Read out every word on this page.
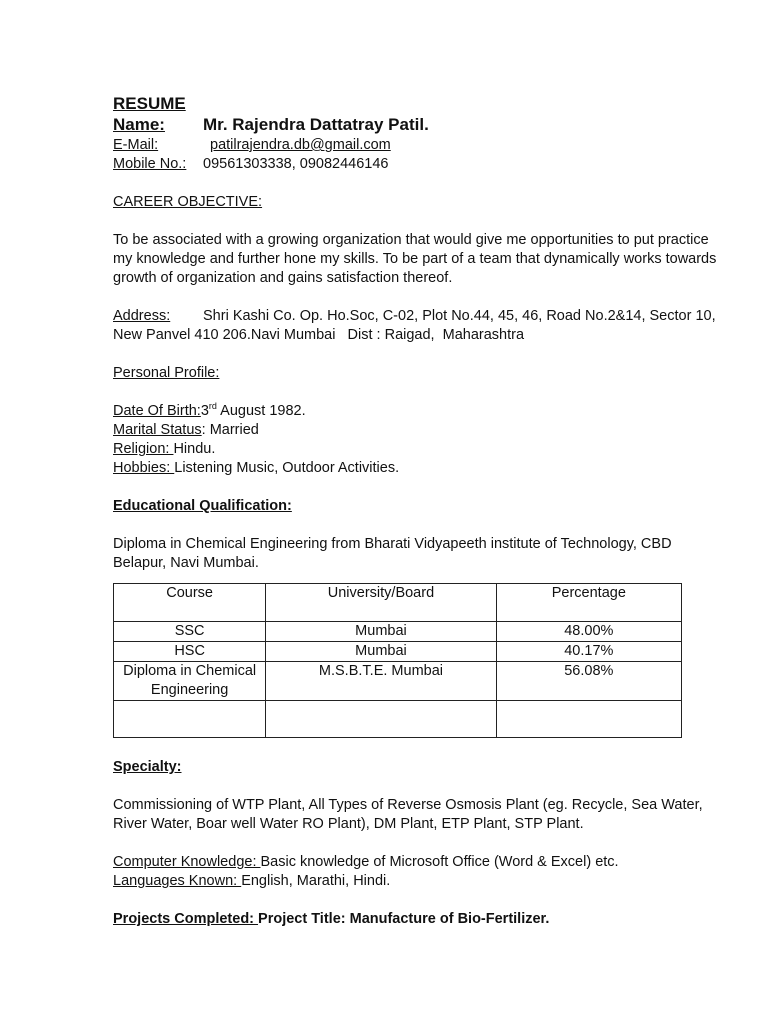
RESUME
Name:	Mr. Rajendra Dattatray Patil.
E-Mail:	patilrajendra.db@gmail.com
Mobile No.:	09561303338, 09082446146
CAREER OBJECTIVE:
To be associated with a growing organization that would give me opportunities to put practice my knowledge and further hone my skills. To be part of a team that dynamically works towards growth of organization and gains satisfaction thereof.
Address: Shri Kashi Co. Op. Ho.Soc, C-02, Plot No.44, 45, 46, Road No.2&14, Sector 10,
New Panvel 410 206.Navi Mumbai   Dist : Raigad,  Maharashtra
Personal Profile:
Date Of Birth:3rd August 1982.
Marital Status: Married
Religion: Hindu.
Hobbies: Listening Music, Outdoor Activities.
Educational Qualification:
Diploma in Chemical Engineering from Bharati Vidyapeeth institute of Technology, CBD Belapur, Navi Mumbai.
Course	University/Board	Percentage
SSC	Mumbai	48.00%
HSC	Mumbai	40.17%
Diploma in Chemical Engineering	M.S.B.T.E. Mumbai	56.08%

Specialty:
Commissioning of WTP Plant, All Types of Reverse Osmosis Plant (eg. Recycle, Sea Water, River Water, Boar well Water RO Plant), DM Plant, ETP Plant, STP Plant.
Computer Knowledge: Basic knowledge of Microsoft Office (Word & Excel) etc.
Languages Known: English, Marathi, Hindi.
Projects Completed: Project Title: Manufacture of Bio-Fertilizer.
